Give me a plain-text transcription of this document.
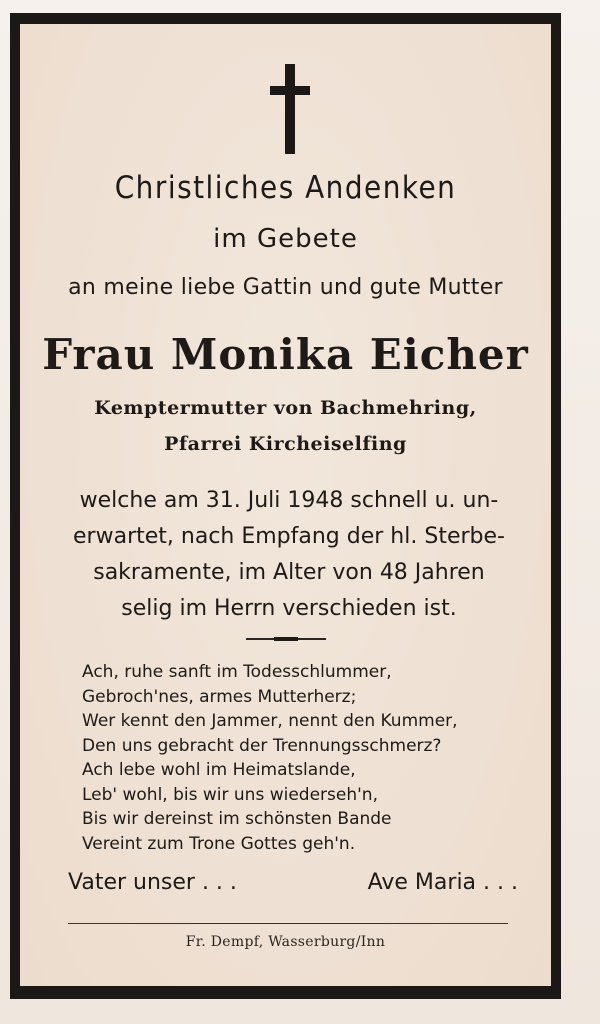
Christliches Andenken
im Gebete
an meine liebe Gattin und gute Mutter
Frau Monika Eicher
Kemptermutter von Bachmehring,
Pfarrei Kircheiselfing
welche am 31. Juli 1948 schnell u. un-
erwartet, nach Empfang der hl. Sterbe-
sakramente, im Alter von 48 Jahren
selig im Herrn verschieden ist.
Ach, ruhe sanft im Todesschlummer,
Gebroch'nes, armes Mutterherz;
Wer kennt den Jammer, nennt den Kummer,
Den uns gebracht der Trennungsschmerz?
Ach lebe wohl im Heimatslande,
Leb' wohl, bis wir uns wiederseh'n,
Bis wir dereinst im schönsten Bande
Vereint zum Trone Gottes geh'n.
Vater unser . . .	Ave Maria . . .
Fr. Dempf, Wasserburg/Inn
